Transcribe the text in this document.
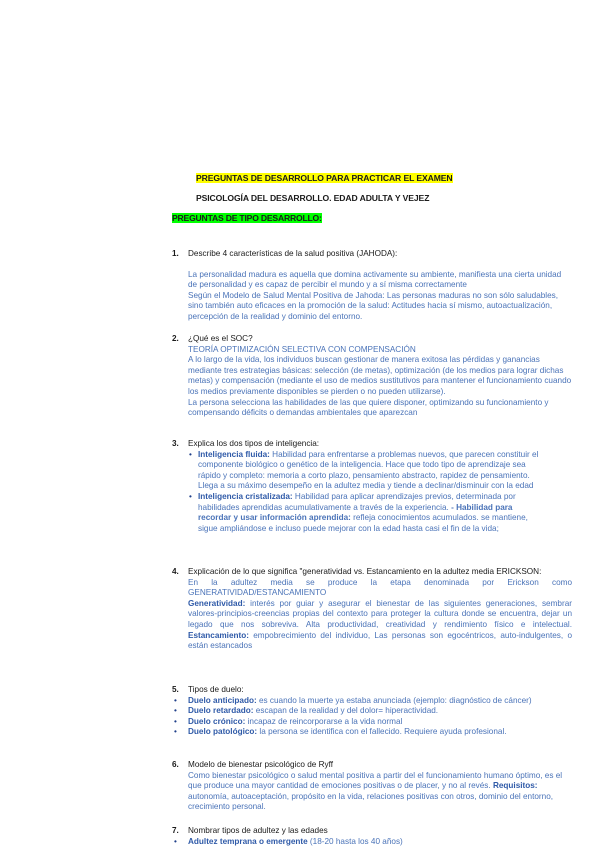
PREGUNTAS DE DESARROLLO PARA PRACTICAR EL EXAMEN
PSICOLOGÍA DEL DESARROLLO. EDAD ADULTA Y VEJEZ
PREGUNTAS DE TIPO DESARROLLO:
1.	Describe 4 características de la salud positiva (JAHODA):

La personalidad madura es aquella que domina activamente su ambiente, manifiesta una cierta unidad de personalidad y es capaz de percibir el mundo y a sí misma correctamente

Según el Modelo de Salud Mental Positiva de Jahoda: Las personas maduras no son sólo saludables, sino también auto eficaces en la promoción de la salud: Actitudes hacia sí mismo, autoactualización, percepción de la realidad y dominio del entorno.

2.	¿Qué es el SOC?

TEORÍA OPTIMIZACIÓN SELECTIVA CON COMPENSACIÓN

A lo largo de la vida, los individuos buscan gestionar de manera exitosa las pérdidas y ganancias mediante tres estrategias básicas: selección (de metas), optimización (de los medios para lograr dichas metas) y compensación (mediante el uso de medios sustitutivos para mantener el funcionamiento cuando los medios previamente disponibles se pierden o no pueden utilizarse).

La persona selecciona las habilidades de las que quiere disponer, optimizando su funcionamiento y compensando déficits o demandas ambientales que aparezcan

3.	Explica los dos tipos de inteligencia:
• Inteligencia fluida: Habilidad para enfrentarse a problemas nuevos, que parecen constituir el componente biológico o genético de la inteligencia. Hace que todo tipo de aprendizaje sea rápido y completo: memoria a corto plazo, pensamiento abstracto, rapidez de pensamiento. Llega a su máximo desempeño en la adultez media y tiende a declinar/disminuir con la edad
• Inteligencia cristalizada: Habilidad para aplicar aprendizajes previos, determinada por habilidades aprendidas acumulativamente a través de la experiencia. - Habilidad para recordar y usar información aprendida: refleja conocimientos acumulados. se mantiene, sigue ampliándose e incluso puede mejorar con la edad hasta casi el fin de la vida;
4.	Explicación de lo que significa "generatividad vs. Estancamiento en la adultez media ERICKSON:

En la adultez media se produce la etapa denominada por Erickson como GENERATIVIDAD/ESTANCAMIENTO

Generatividad: interés por guiar y asegurar el bienestar de las siguientes generaciones, sembrar valores-principios-creencias propias del contexto para proteger la cultura donde se encuentra, dejar un legado que nos sobreviva. Alta productividad, creatividad y rendimiento físico e intelectual. Estancamiento: empobrecimiento del individuo, Las personas son egocéntricos, auto-indulgentes, o están estancados

5.	Tipos de duelo:
• Duelo anticipado: es cuando la muerte ya estaba anunciada (ejemplo: diagnóstico de cáncer)
• Duelo retardado: escapan de la realidad y del dolor= hiperactividad.
• Duelo crónico: incapaz de reincorporarse a la vida normal
• Duelo patológico: la persona se identifica con el fallecido. Requiere ayuda profesional.
6.	Modelo de bienestar psicológico de Ryff

Como bienestar psicológico o salud mental positiva a partir del el funcionamiento humano óptimo, es el que produce una mayor cantidad de emociones positivas o de placer, y no al revés. Requisitos: autonomía, autoaceptación, propósito en la vida, relaciones positivas con otros, dominio del entorno, crecimiento personal.

7.	Nombrar tipos de adultez y las edades
• Adultez temprana o emergente (18-20 hasta los 40 años)
